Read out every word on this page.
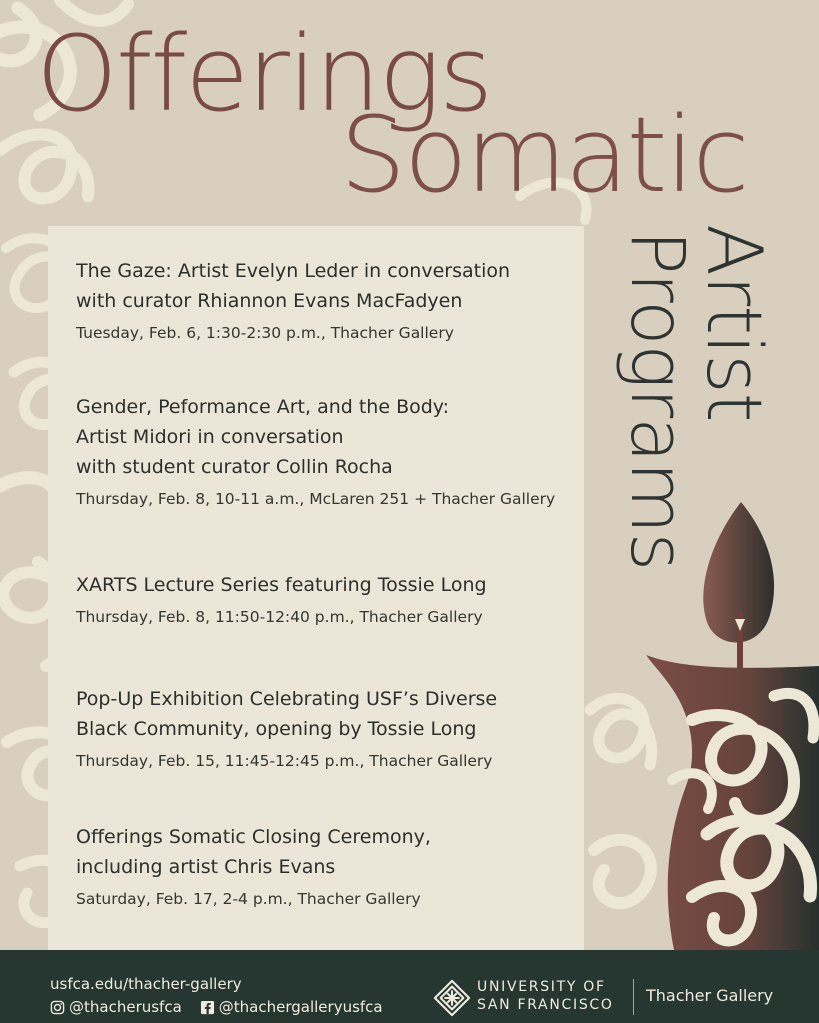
Offerings
Somatic
The Gaze: Artist Evelyn Leder in conversation
with curator Rhiannon Evans MacFadyen
Tuesday, Feb. 6, 1:30-2:30 p.m., Thacher Gallery
Gender, Peformance Art, and the Body:
Artist Midori in conversation
with student curator Collin Rocha
Thursday, Feb. 8, 10-11 a.m., McLaren 251 + Thacher Gallery
XARTS Lecture Series featuring Tossie Long
Thursday, Feb. 8, 11:50-12:40 p.m., Thacher Gallery
Pop-Up Exhibition Celebrating USF’s Diverse
Black Community, opening by Tossie Long
Thursday, Feb. 15, 11:45-12:45 p.m., Thacher Gallery
Offerings Somatic Closing Ceremony,
including artist Chris Evans
Saturday, Feb. 17, 2-4 p.m., Thacher Gallery
Programs
Artist
usfca.edu/thacher-gallery
@thacherusfca @thachergalleryusfca
UNIVERSITY OF
SAN FRANCISCO Thacher Gallery
